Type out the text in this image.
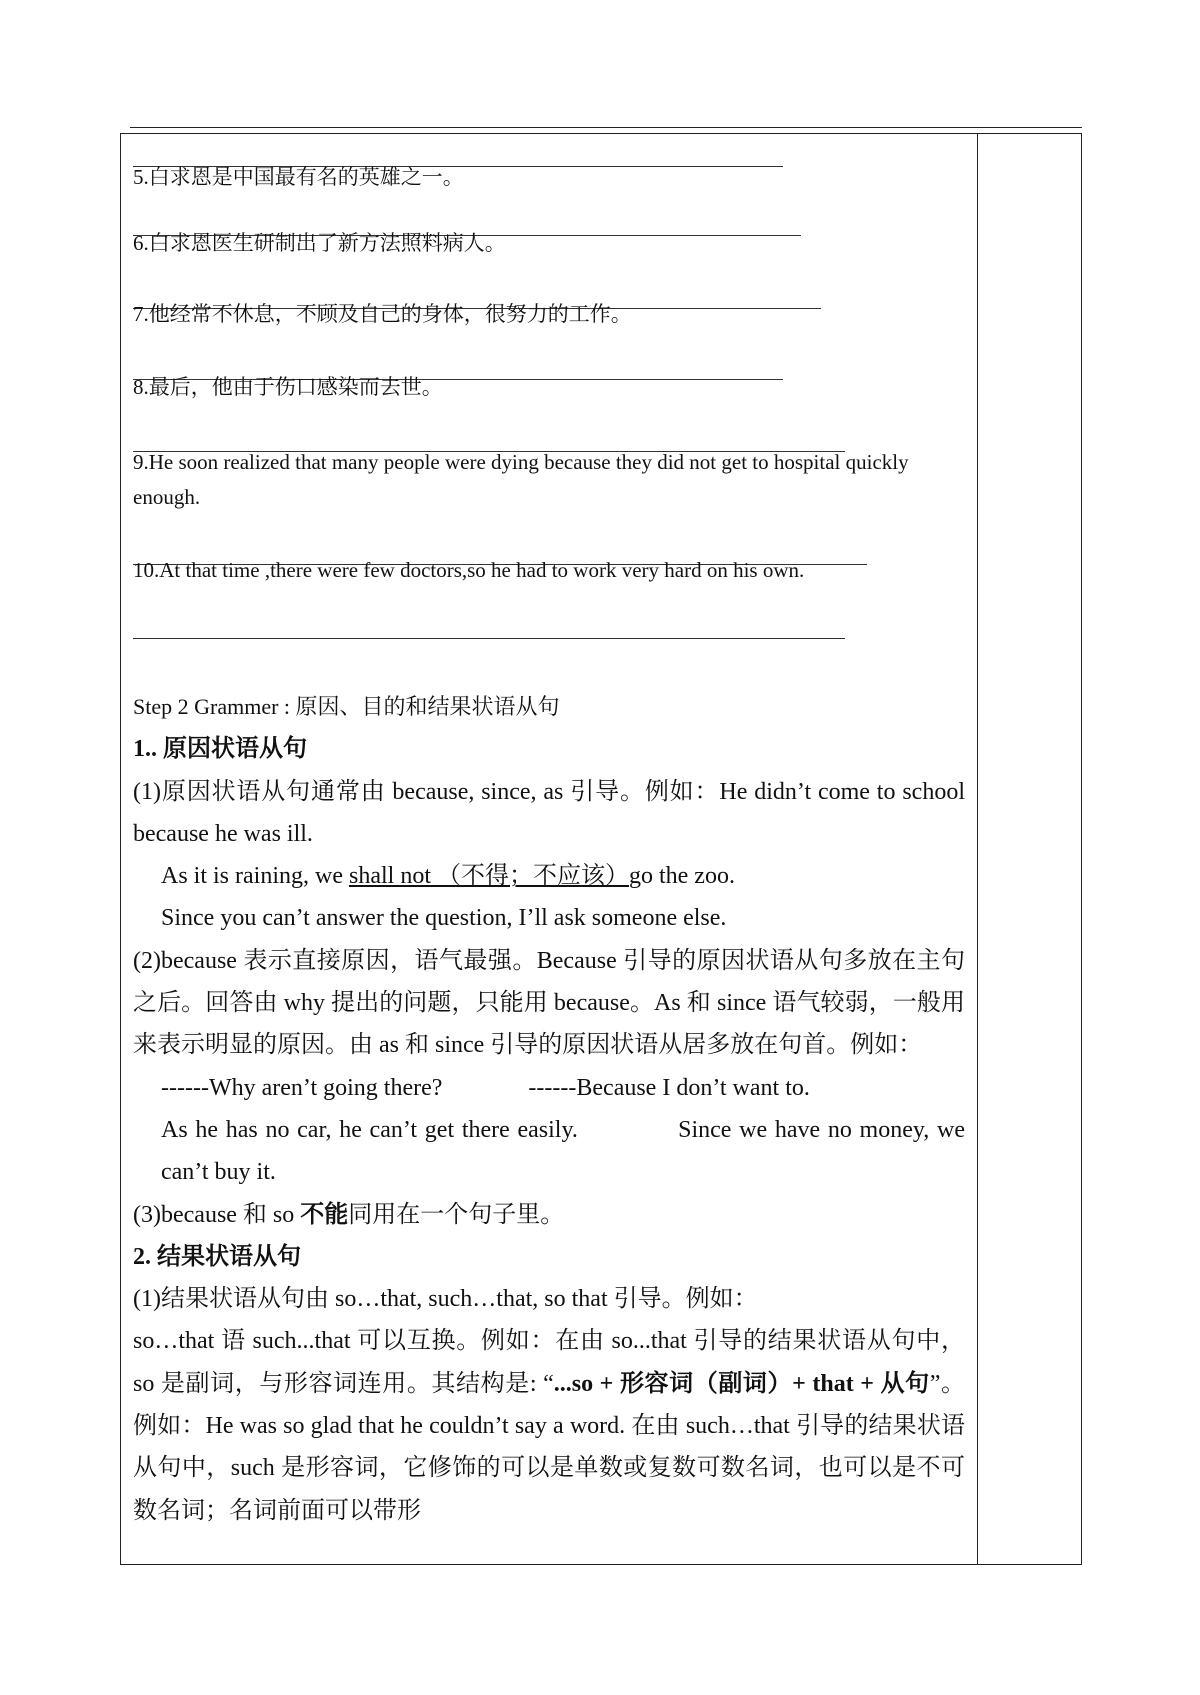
5.白求恩是中国最有名的英雄之一。
6.白求恩医生研制出了新方法照料病人。
7.他经常不休息，不顾及自己的身体，很努力的工作。
8.最后，他由于伤口感染而去世。
9.He soon realized that many people were dying because they did not get to hospital quickly enough.
10.At that time ,there were few doctors,so he had to work very hard on his own.

Step 2 Grammer : 原因、目的和结果状语从句

1.. 原因状语从句

(1)原因状语从句通常由 because, since, as 引导。例如：He didn’t come to school because he was ill.

As it is raining, we shall not （不得；不应该）go the zoo.

Since you can’t answer the question, I’ll ask someone else.

(2)because 表示直接原因，语气最强。Because 引导的原因状语从句多放在主句之后。回答由 why 提出的问题，只能用 because。As 和 since 语气较弱，一般用来表示明显的原因。由 as 和 since 引导的原因状语从居多放在句首。例如：

------Why aren’t going there?	------Because I don’t want to.

As he has no car, he can’t get there easily.             Since we have no money, we can’t buy it.

(3)because 和 so 不能同用在一个句子里。

2. 结果状语从句

(1)结果状语从句由 so…that, such…that, so that 引导。例如：

so…that 语 such...that 可以互换。例如：在由 so...that 引导的结果状语从句中，so 是副词，与形容词连用。其结构是: “...so + 形容词（副词）+ that + 从句”。例如：He was so glad that he couldn’t say a word. 在由 such…that 引导的结果状语从句中，such 是形容词，它修饰的可以是单数或复数可数名词，也可以是不可数名词；名词前面可以带形
